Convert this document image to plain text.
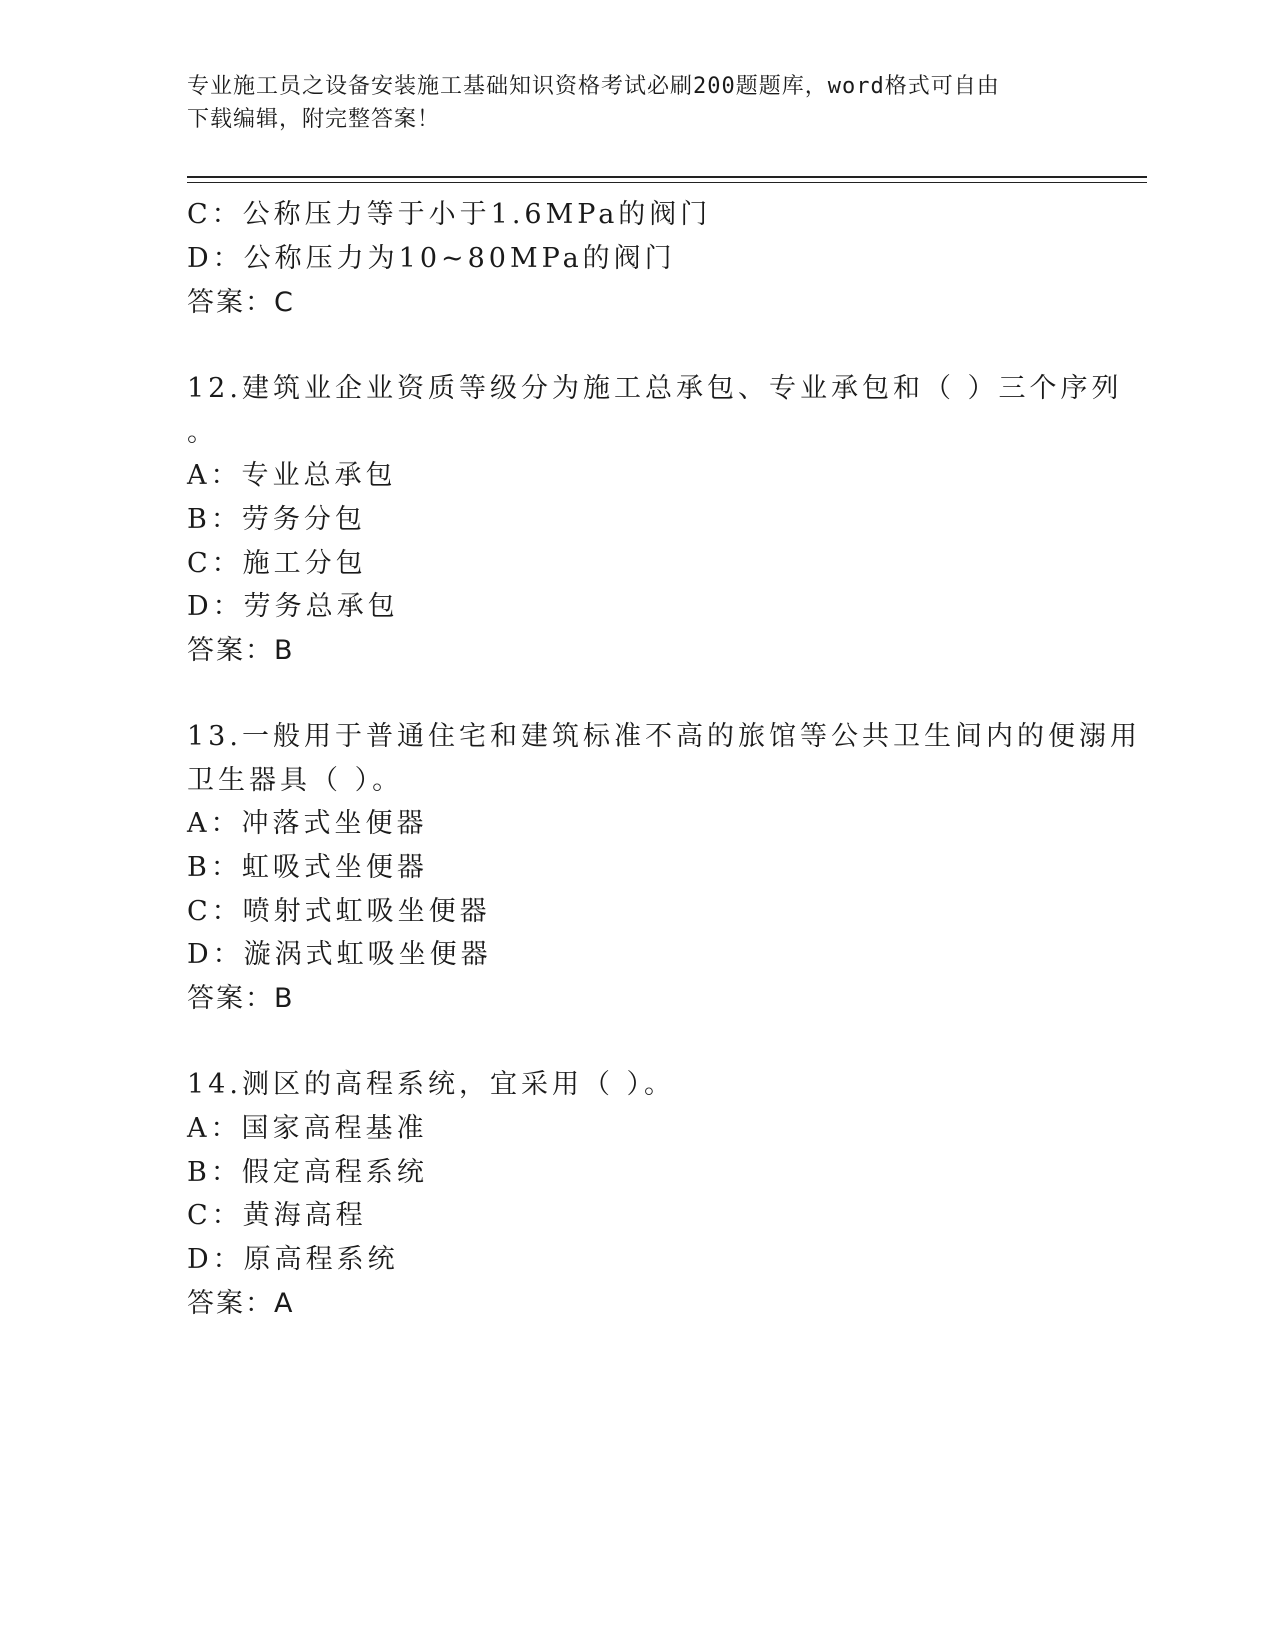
专业施工员之设备安装施工基础知识资格考试必刷200题题库，word格式可自由
下载编辑，附完整答案！
C：公称压力等于小于1.6MPa的阀门
D：公称压力为10~80MPa的阀门
答案：C
12.建筑业企业资质等级分为施工总承包、专业承包和（ ）三个序列
。
A：专业总承包
B：劳务分包
C：施工分包
D：劳务总承包
答案：B
13.一般用于普通住宅和建筑标准不高的旅馆等公共卫生间内的便溺用
卫生器具（ ）。
A：冲落式坐便器
B：虹吸式坐便器
C：喷射式虹吸坐便器
D：漩涡式虹吸坐便器
答案：B
14.测区的高程系统，宜采用（ ）。
A：国家高程基准
B：假定高程系统
C：黄海高程
D：原高程系统
答案：A
